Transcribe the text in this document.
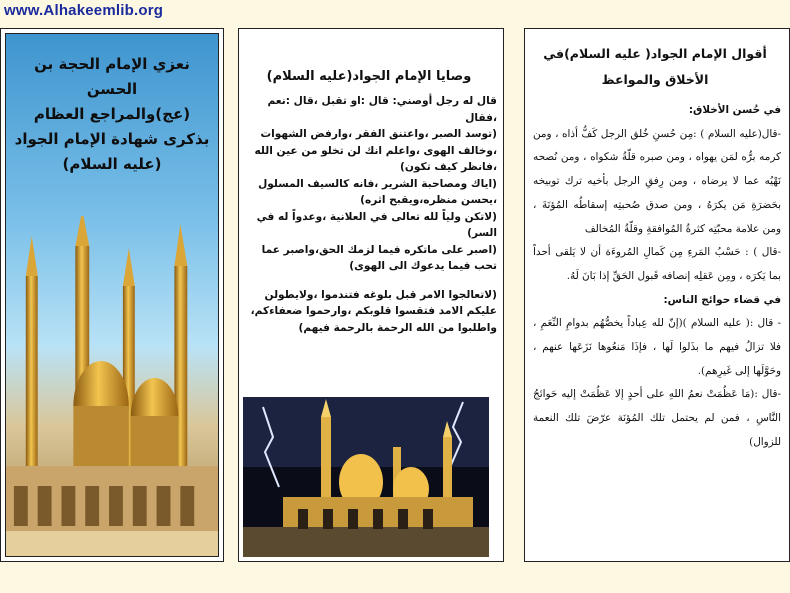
www.Alhakeemlib.org
نعزي الإمام الحجة بن الحسن
(عج)والمراجع العظام
بذكرى شهادة الإمام الجواد
(عليه السلام)
وصايا الإمام الجواد(عليه السلام)

قال له رجل أوصني: قال :او تقبل ،قال :نعم ،فقال

(توسد الصبر ،واعتنق الفقر ،وارفض الشهوات ،وخالف الهوى ،واعلم انك لن تخلو من عين الله ،فانظر كيف تكون)

(اياك ومصاحبة الشرير ،فانه كالسيف المسلول ،يحسن منظره،ويقبح اثره)

(لاتكن ولياً لله تعالى في العلانية ،وعدواً له في السر)

(اصبر على ماتكره فيما لزمك الحق،واصبر عما تحب فيما يدعوك الى الهوى)

(لاتعالجوا الامر قبل بلوغه فتندموا ،ولايطولن عليكم الامد فتقسوا قلوبكم ،وارحموا ضعفاءكم، واطلبوا من الله الرحمة بالرحمة فيهم)

أقوال الإمام الجواد( عليه السلام)في
الأخلاق والمواعظ

في حُسن الأخلاق:

-قال(عليه السلام ) :مِن حُسنِ خُلق الرجل كَفُّ أذاه ، ومن كرمه برُّه لمَن يهواه ، ومن صبره قلّةُ شكواه ، ومن نُصحه نَهْيُه عما لا يرضاه ، ومن رِفقِ الرجل بأخيه ترك توبيخه بحَضرَةِ مَن يكرَهُ ، ومن صدق صُحبتِه إسقاطُه المُؤنَةَ ، ومن علامة محبّتِه كثرةُ المُوافقةِ وقلّةُ المُخالف

-قال ) : حَسْبُ المَرءِ مِن كَمالِ المُروءَة أن لا يَلقى أحداً بما يَكرَه ، ومِن عَقلِه إنصافه قَبول الحَقِّ إذا بَانَ لَهُ.

في قضاء حوائج الناس:

- قال :( عليه السلام )(إنّ لله عِباداً يخصُّهُم بدوامِ النِّعَمِ ، فلا تزالُ فيهم ما بذَلوا لَها ، فإذَا مَنعُوها نَزَعَها عنهم ، وحَوَّلَها إلى غَيرِهم).

-قال :(مَا عَظُمَتْ نعمُ اللهِ على أحدٍ إلا عَظُمَتْ إليه حَوائجُ النَّاسِ ، فمن لم يحتمل تلك المُؤنَة عرّضَ تلك النعمة للزوال)
